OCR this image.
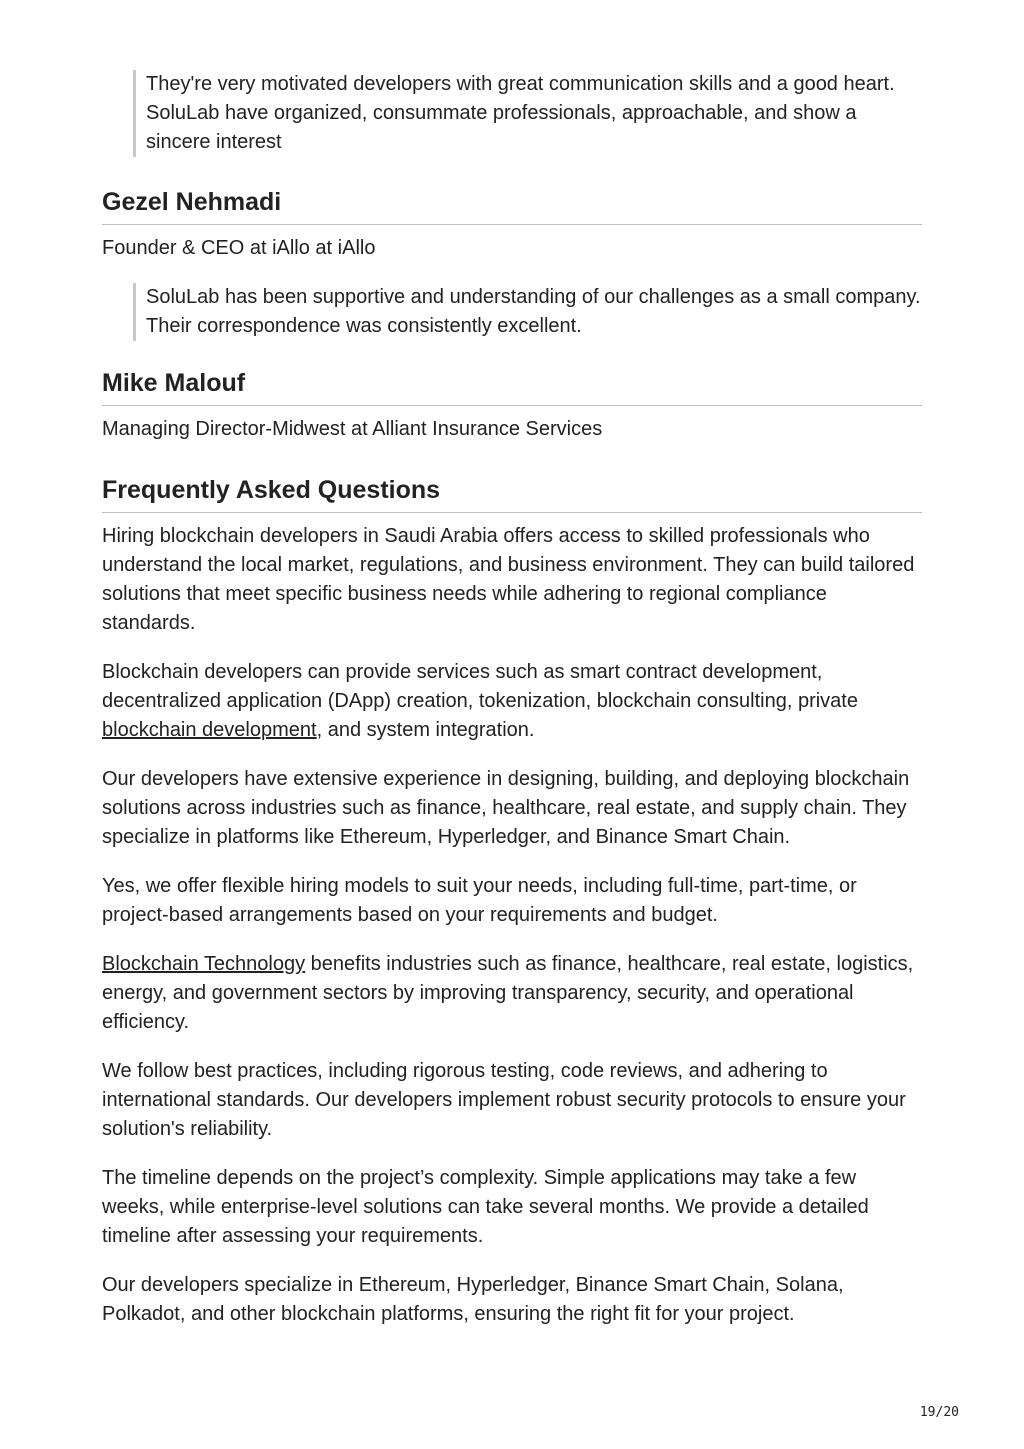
They're very motivated developers with great communication skills and a good heart. SoluLab have organized, consummate professionals, approachable, and show a sincere interest

Gezel Nehmadi

Founder & CEO at iAllo at iAllo

SoluLab has been supportive and understanding of our challenges as a small company. Their correspondence was consistently excellent.

Mike Malouf

Managing Director-Midwest at Alliant Insurance Services

Frequently Asked Questions

Hiring blockchain developers in Saudi Arabia offers access to skilled professionals who understand the local market, regulations, and business environment. They can build tailored solutions that meet specific business needs while adhering to regional compliance standards.

Blockchain developers can provide services such as smart contract development, decentralized application (DApp) creation, tokenization, blockchain consulting, private blockchain development, and system integration.

Our developers have extensive experience in designing, building, and deploying blockchain solutions across industries such as finance, healthcare, real estate, and supply chain. They specialize in platforms like Ethereum, Hyperledger, and Binance Smart Chain.

Yes, we offer flexible hiring models to suit your needs, including full-time, part-time, or project-based arrangements based on your requirements and budget.

Blockchain Technology benefits industries such as finance, healthcare, real estate, logistics, energy, and government sectors by improving transparency, security, and operational efficiency.

We follow best practices, including rigorous testing, code reviews, and adhering to international standards. Our developers implement robust security protocols to ensure your solution's reliability.

The timeline depends on the project’s complexity. Simple applications may take a few weeks, while enterprise-level solutions can take several months. We provide a detailed timeline after assessing your requirements.

Our developers specialize in Ethereum, Hyperledger, Binance Smart Chain, Solana, Polkadot, and other blockchain platforms, ensuring the right fit for your project.

19/20
